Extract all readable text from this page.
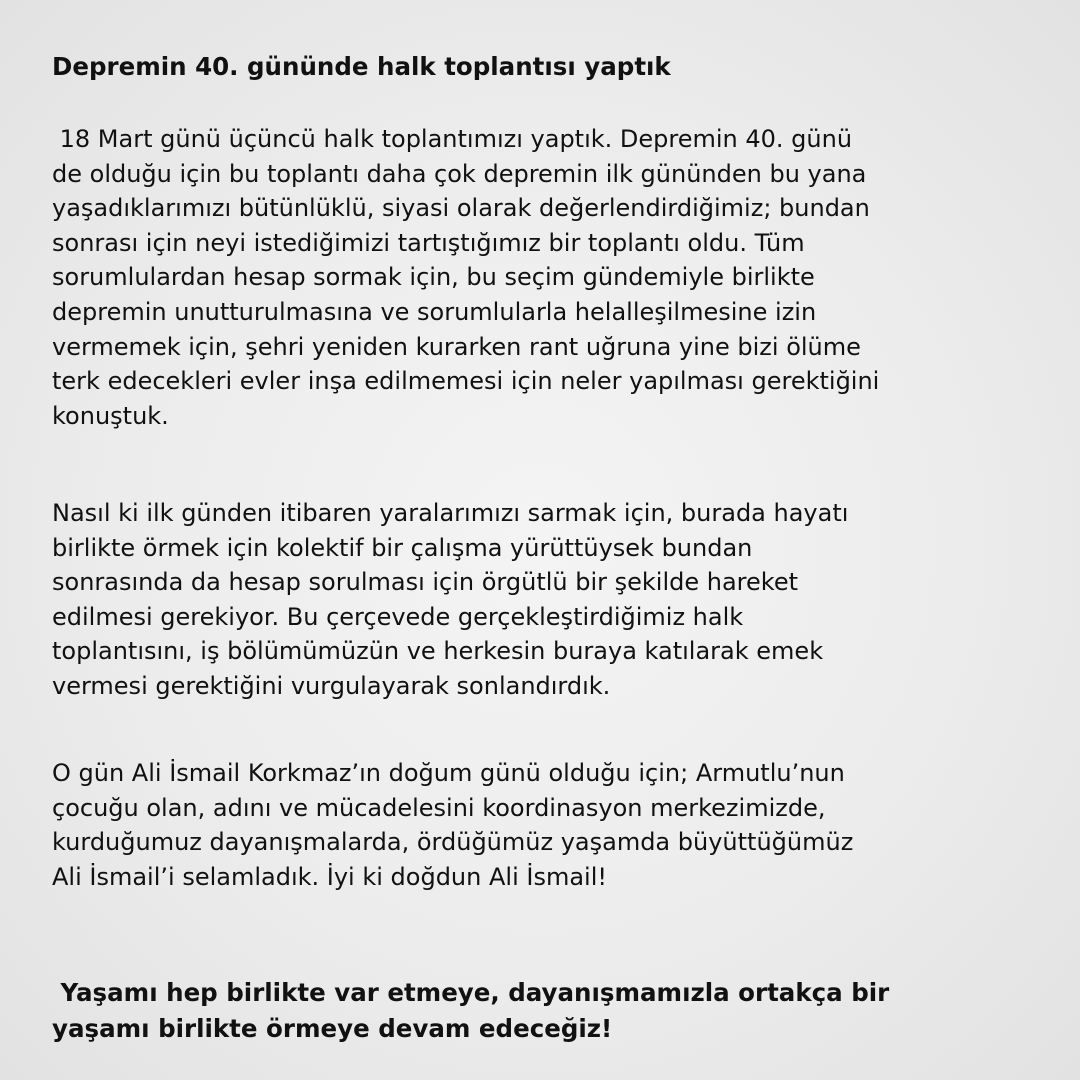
Depremin 40. gününde halk toplantısı yaptık

18 Mart günü üçüncü halk toplantımızı yaptık. Depremin 40. günü
de olduğu için bu toplantı daha çok depremin ilk gününden bu yana
yaşadıklarımızı bütünlüklü, siyasi olarak değerlendirdiğimiz; bundan
sonrası için neyi istediğimizi tartıştığımız bir toplantı oldu. Tüm
sorumlulardan hesap sormak için, bu seçim gündemiyle birlikte
depremin unutturulmasına ve sorumlularla helalleşilmesine izin
vermemek için, şehri yeniden kurarken rant uğruna yine bizi ölüme
terk edecekleri evler inşa edilmemesi için neler yapılması gerektiğini
konuştuk.

Nasıl ki ilk günden itibaren yaralarımızı sarmak için, burada hayatı
birlikte örmek için kolektif bir çalışma yürüttüysek bundan
sonrasında da hesap sorulması için örgütlü bir şekilde hareket
edilmesi gerekiyor. Bu çerçevede gerçekleştirdiğimiz halk
toplantısını, iş bölümümüzün ve herkesin buraya katılarak emek
vermesi gerektiğini vurgulayarak sonlandırdık.

O gün Ali İsmail Korkmaz’ın doğum günü olduğu için; Armutlu’nun
çocuğu olan, adını ve mücadelesini koordinasyon merkezimizde,
kurduğumuz dayanışmalarda, ördüğümüz yaşamda büyüttüğümüz
Ali İsmail’i selamladık. İyi ki doğdun Ali İsmail!

Yaşamı hep birlikte var etmeye, dayanışmamızla ortakça bir
yaşamı birlikte örmeye devam edeceğiz!
